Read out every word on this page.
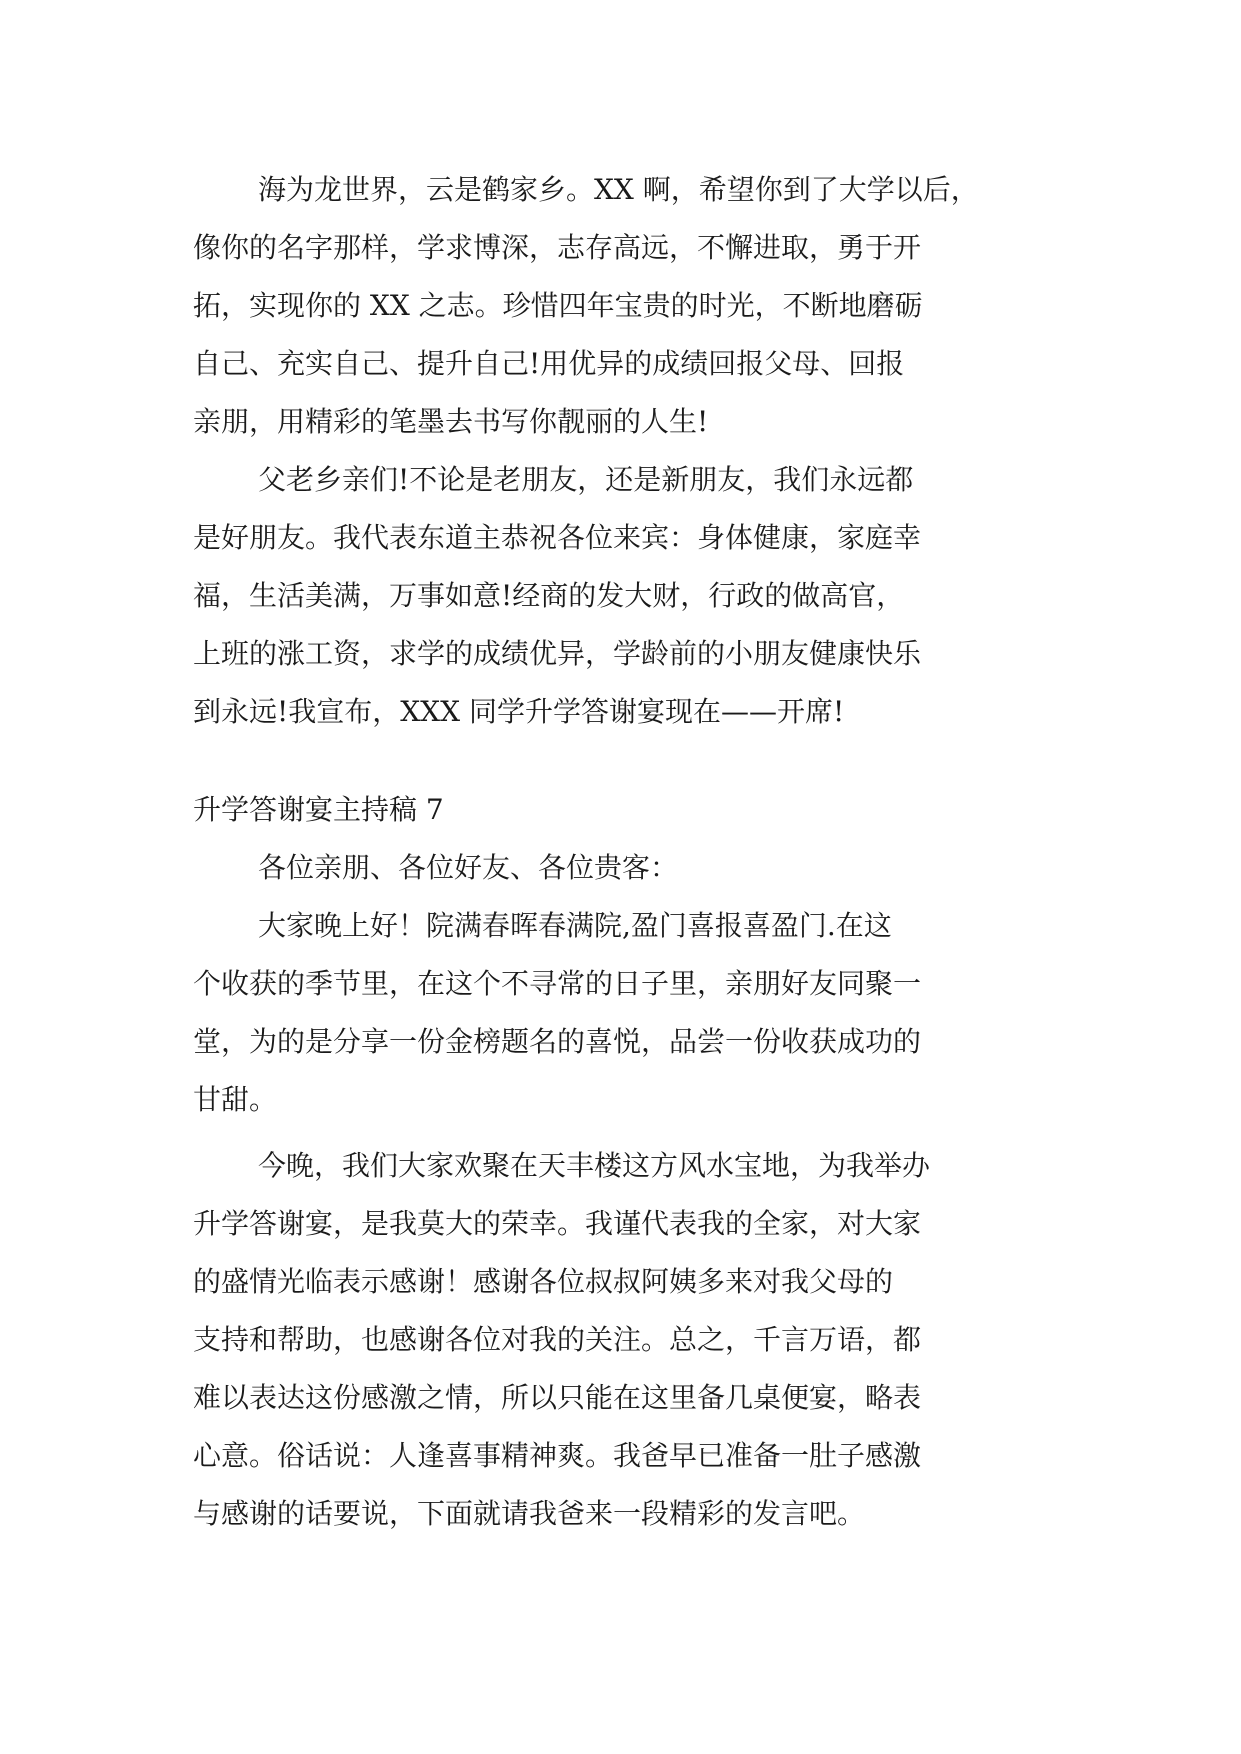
海为龙世界，云是鹤家乡。XX 啊，希望你到了大学以后，
像你的名字那样，学求博深，志存高远，不懈进取，勇于开
拓，实现你的 XX 之志。珍惜四年宝贵的时光，不断地磨砺
自己、充实自己、提升自己!用优异的成绩回报父母、回报
亲朋，用精彩的笔墨去书写你靓丽的人生!
父老乡亲们!不论是老朋友，还是新朋友，我们永远都
是好朋友。我代表东道主恭祝各位来宾：身体健康，家庭幸
福，生活美满，万事如意!经商的发大财，行政的做高官，
上班的涨工资，求学的成绩优异，学龄前的小朋友健康快乐
到永远!我宣布，XXX 同学升学答谢宴现在——开席!
升学答谢宴主持稿 7
各位亲朋、各位好友、各位贵客：
大家晚上好！院满春晖春满院,盈门喜报喜盈门.在这
个收获的季节里，在这个不寻常的日子里，亲朋好友同聚一
堂，为的是分享一份金榜题名的喜悦，品尝一份收获成功的
甘甜。
今晚，我们大家欢聚在天丰楼这方风水宝地，为我举办
升学答谢宴，是我莫大的荣幸。我谨代表我的全家，对大家
的盛情光临表示感谢！感谢各位叔叔阿姨多来对我父母的
支持和帮助，也感谢各位对我的关注。总之，千言万语，都
难以表达这份感激之情，所以只能在这里备几桌便宴，略表
心意。俗话说：人逢喜事精神爽。我爸早已准备一肚子感激
与感谢的话要说，下面就请我爸来一段精彩的发言吧。
